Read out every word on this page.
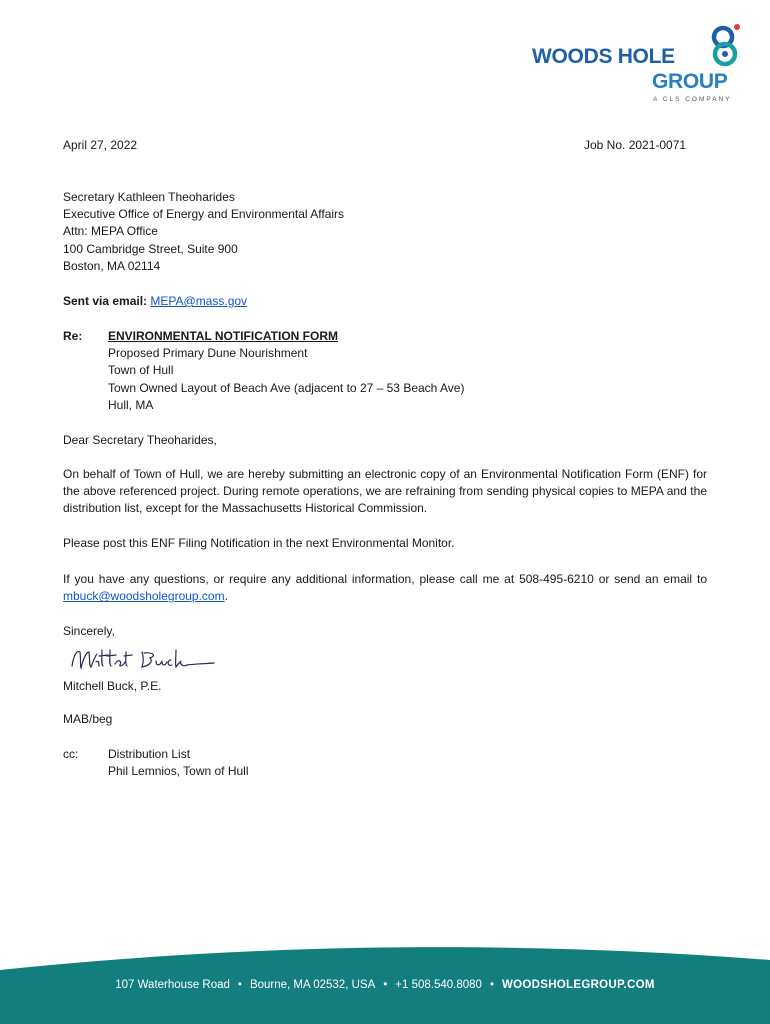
WOODS HOLE
GROUP
A CLS COMPANY
April 27, 2022	Job No. 2021-0071
Secretary Kathleen Theoharides
Executive Office of Energy and Environmental Affairs
Attn: MEPA Office
100 Cambridge Street, Suite 900
Boston, MA 02114
Sent via email: MEPA@mass.gov
Re: ENVIRONMENTAL NOTIFICATION FORM
Proposed Primary Dune Nourishment
Town of Hull
Town Owned Layout of Beach Ave (adjacent to 27 – 53 Beach Ave)
Hull, MA
Dear Secretary Theoharides,
On behalf of Town of Hull, we are hereby submitting an electronic copy of an Environmental Notification Form (ENF) for the above referenced project. During remote operations, we are refraining from sending physical copies to MEPA and the distribution list, except for the Massachusetts Historical Commission.
Please post this ENF Filing Notification in the next Environmental Monitor.
If you have any questions, or require any additional information, please call me at 508-495-6210 or send an email to mbuck@woodsholegroup.com.
Sincerely,
Mitchell Buck, P.E.
MAB/beg
cc: Distribution List
Phil Lemnios, Town of Hull
107 Waterhouse Road • Bourne, MA 02532, USA • +1 508.540.8080 • WOODSHOLEGROUP.COM
